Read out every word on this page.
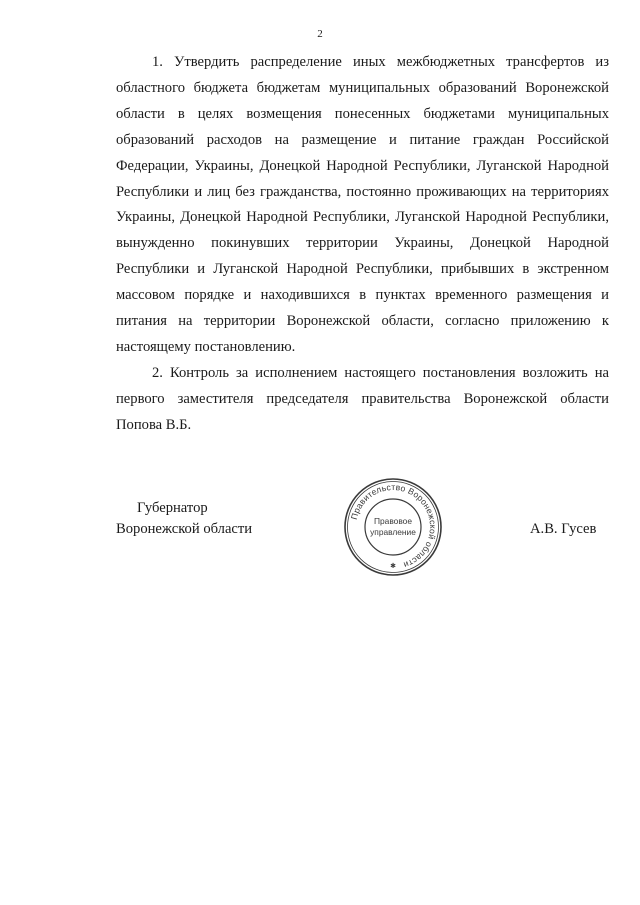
2

1. Утвердить распределение иных межбюджетных трансфертов из областного бюджета бюджетам муниципальных образований Воронежской области в целях возмещения понесенных бюджетами муниципальных образований расходов на размещение и питание граждан Российской Федерации, Украины, Донецкой Народной Республики, Луганской Народной Республики и лиц без гражданства, постоянно проживающих на территориях Украины, Донецкой Народной Республики, Луганской Народной Республики, вынужденно покинувших территории Украины, Донецкой Народной Республики и Луганской Народной Республики, прибывших в экстренном массовом порядке и находившихся в пунктах временного размещения и питания на территории Воронежской области, согласно приложению к настоящему постановлению.

2. Контроль за исполнением настоящего постановления возложить на первого заместителя председателя правительства Воронежской области Попова В.Б.

Губернатор
Воронежской области
Правительство Воронежской области
✱
Правовое
управление	А.В. Гусев
